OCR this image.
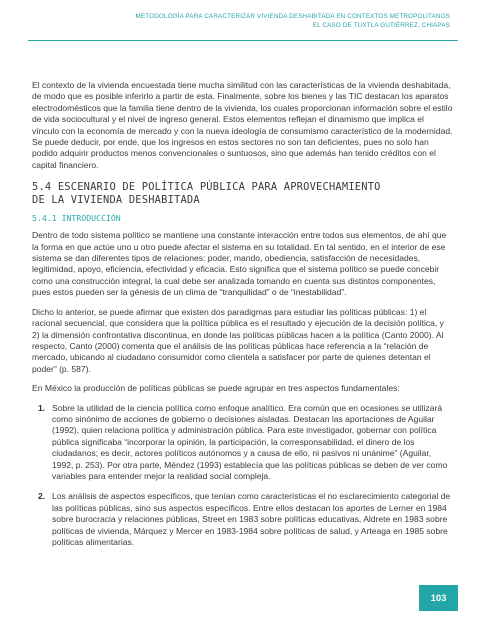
METODOLOGÍA PARA CARACTERIZAR VIVIENDA DESHABITADA EN CONTEXTOS METROPOLITANOS
EL CASO DE TUXTLA GUTIÉRREZ, CHIAPAS

El contexto de la vivienda encuestada tiene mucha similitud con las características de la vivienda deshabitada, de modo que es posible inferirlo a partir de esta. Finalmente, sobre los bienes y las TIC destacan los aparatos electrodomésticos que la familia tiene dentro de la vivienda, los cuales proporcionan información sobre el estilo de vida sociocultural y el nivel de ingreso general. Estos elementos reflejan el dinamismo que implica el vínculo con la economía de mercado y con la nueva ideología de consumismo característico de la modernidad. Se puede deducir, por ende, que los ingresos en estos sectores no son tan deficientes, pues no solo han podido adquirir productos menos convencionales o suntuosos, sino que además han tenido créditos con el capital financiero.

5.4 ESCENARIO DE POLÍTICA PÚBLICA PARA APROVECHAMIENTO
DE LA VIVIENDA DESHABITADA
5.4.1 INTRODUCCIÓN

Dentro de todo sistema político se mantiene una constante interacción entre todos sus elementos, de ahí que la forma en que actúe uno u otro puede afectar el sistema en su totalidad. En tal sentido, en el interior de ese sistema se dan diferentes tipos de relaciones: poder, mando, obediencia, satisfacción de necesidades, legitimidad, apoyo, eficiencia, efectividad y eficacia. Esto significa que el sistema político se puede concebir como una construcción integral, la cual debe ser analizada tomando en cuenta sus distintos componentes, pues estos pueden ser la génesis de un clima de “tranquilidad” o de “inestabilidad”.

Dicho lo anterior, se puede afirmar que existen dos paradigmas para estudiar las políticas públicas: 1) el racional secuencial, que considera que la política pública es el resultado y ejecución de la decisión política, y 2) la dimensión confrontativa discontinua, en donde las políticas públicas hacen a la política (Canto 2000). Al respecto, Canto (2000) comenta que el análisis de las políticas públicas hace referencia a la “relación de mercado, ubicando al ciudadano consumidor como clientela a satisfacer por parte de quienes detentan el poder” (p. 587).

En México la producción de políticas públicas se puede agrupar en tres aspectos fundamentales:

1. Sobre la utilidad de la ciencia política como enfoque analítico. Era común que en ocasiones se utilizará como sinónimo de acciones de gobierno o decisiones aisladas. Destacan las aportaciones de Aguilar (1992), quien relaciona política y administración pública. Para este investigador, gobernar con política pública significaba “incorporar la opinión, la participación, la corresponsabilidad, el dinero de los ciudadanos; es decir, actores políticos autónomos y a causa de ello, ni pasivos ni unánime” (Aguilar, 1992, p. 253). Por otra parte, Méndez (1993) establecía que las políticas públicas se deben de ver como variables para entender mejor la realidad social compleja.
2. Los análisis de aspectos específicos, que tenían como características el no esclarecimiento categorial de las políticas públicas, sino sus aspectos específicos. Entre ellos destacan los aportes de Lerner en 1984 sobre burocracia y relaciones públicas, Street en 1983 sobre políticas educativas, Aldrete en 1983 sobre políticas de vivienda, Márquez y Mercer en 1983-1984 sobre políticas de salud, y Arteaga en 1985 sobre políticas alimentarias.
103
